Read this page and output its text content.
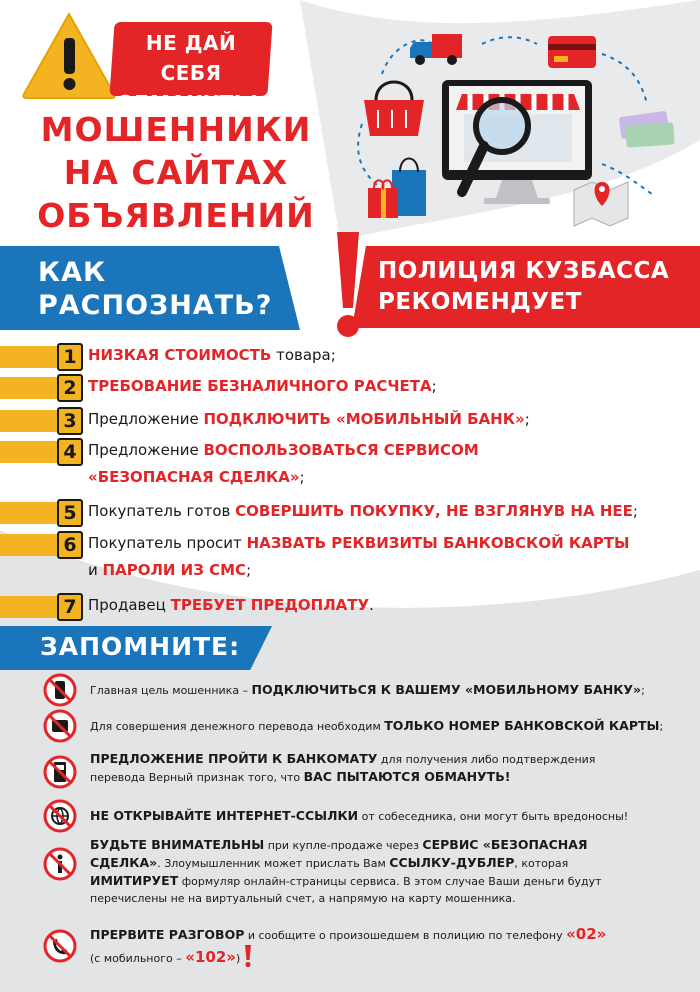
НЕ ДАЙ СЕБЯ
ОБМАНУТЬ!
МОШЕННИКИ
НА САЙТАХ
ОБЪЯВЛЕНИЙ
КАК
РАСПОЗНАТЬ?
ПОЛИЦИЯ КУЗБАССА
РЕКОМЕНДУЕТ
1 НИЗКАЯ СТОИМОСТЬ товара;
2 ТРЕБОВАНИЕ БЕЗНАЛИЧНОГО РАСЧЕТА;
3 Предложение ПОДКЛЮЧИТЬ «МОБИЛЬНЫЙ БАНК»;
4 Предложение ВОСПОЛЬЗОВАТЬСЯ СЕРВИСОМ
«БЕЗОПАСНАЯ СДЕЛКА»;
5 Покупатель готов СОВЕРШИТЬ ПОКУПКУ, НЕ ВЗГЛЯНУВ НА НЕЕ;
6 Покупатель просит НАЗВАТЬ РЕКВИЗИТЫ БАНКОВСКОЙ КАРТЫ
и ПАРОЛИ ИЗ СМС;
7 Продавец ТРЕБУЕТ ПРЕДОПЛАТУ.
ЗАПОМНИТЕ:
Главная цель мошенника – ПОДКЛЮЧИТЬСЯ К ВАШЕМУ «МОБИЛЬНОМУ БАНКУ»;
Для совершения денежного перевода необходим ТОЛЬКО НОМЕР БАНКОВСКОЙ КАРТЫ;
ПРЕДЛОЖЕНИЕ ПРОЙТИ К БАНКОМАТУ для получения либо подтверждения
перевода Верный признак того, что ВАС ПЫТАЮТСЯ ОБМАНУТЬ!
НЕ ОТКРЫВАЙТЕ ИНТЕРНЕТ-ССЫЛКИ от собеседника, они могут быть вредоносны!
БУДЬТЕ ВНИМАТЕЛЬНЫ при купле-продаже через СЕРВИС «БЕЗОПАСНАЯ
СДЕЛКА». Злоумышленник может прислать Вам ССЫЛКУ-ДУБЛЕР, которая
ИМИТИРУЕТ формуляр онлайн-страницы сервиса. В этом случае Ваши деньги будут
перечислены не на виртуальный счет, а напрямую на карту мошенника.
ПРЕРВИТЕ РАЗГОВОР и сообщите о произошедшем в полицию по телефону «02»
(с мобильного – «102»)
